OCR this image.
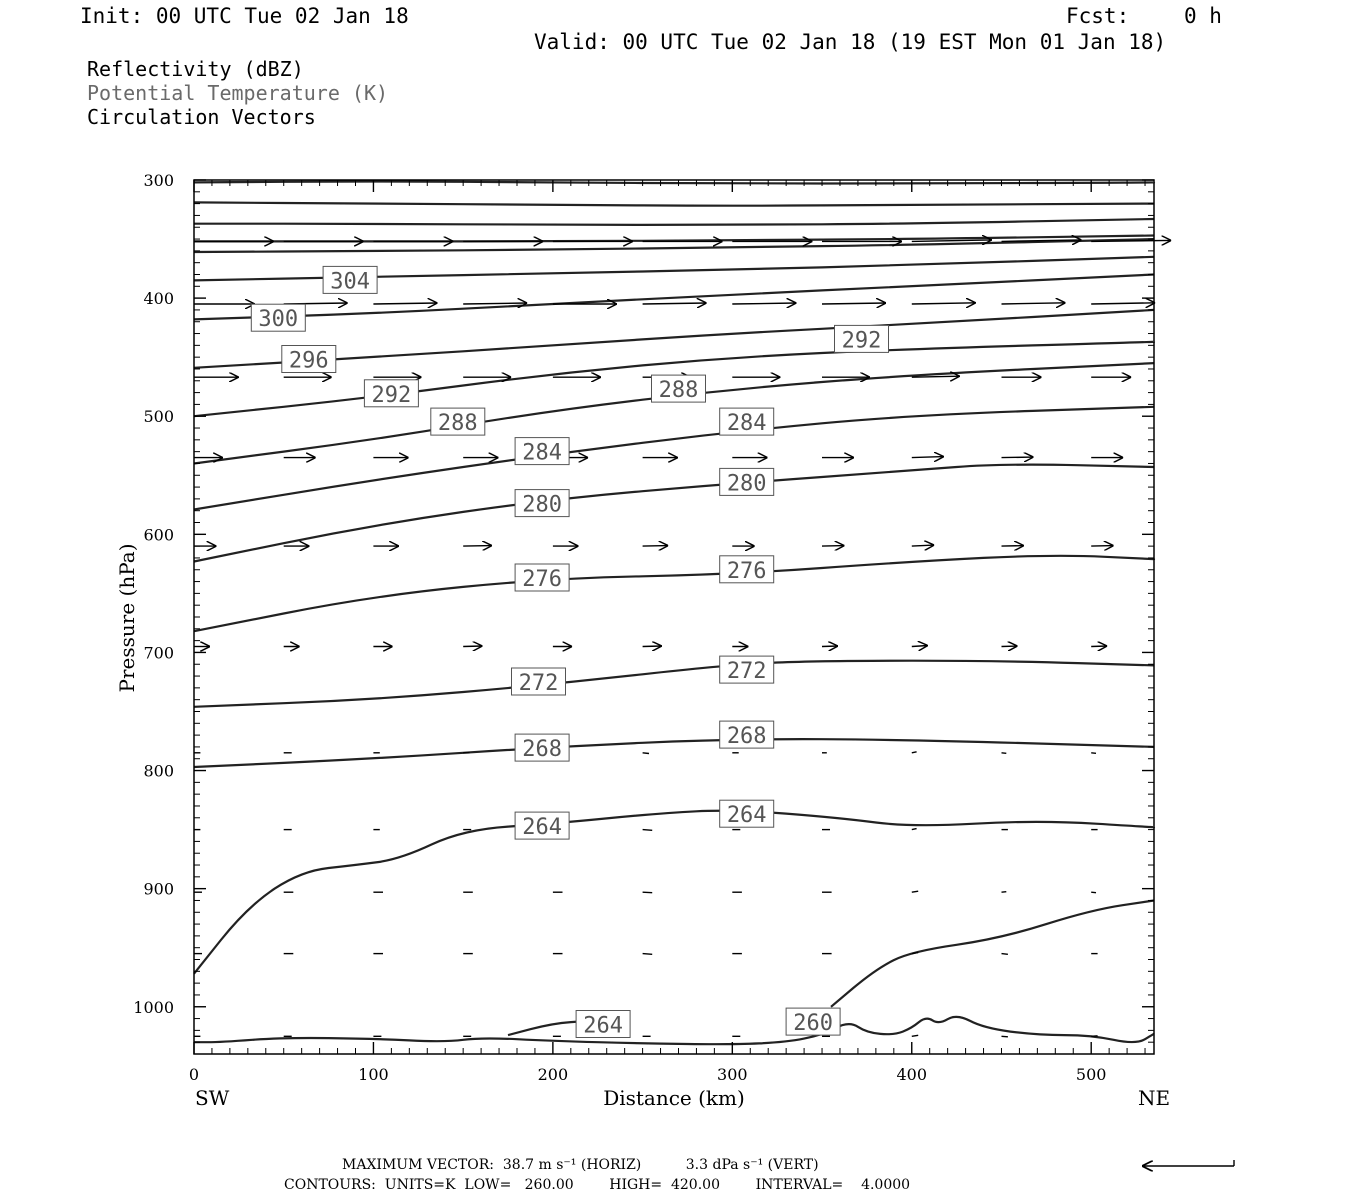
Init: 00 UTC Tue 02 Jan 18	Fcst:	0 h
Valid: 00 UTC Tue 02 Jan 18 (19 EST Mon 01 Jan 18)
Reflectivity (dBZ)
Potential Temperature (K)
Circulation Vectors
304
300
296
292
292
288
288
284
284
280
280
276	276
272	272
268
268
264	264
264	260
300
400
500
600
700
800
900
1000
0	100	200	300	400	500
Pressure (hPa)
Distance (km)
SW	NE
MAXIMUM VECTOR:  38.7 m s⁻¹ (HORIZ)          3.3 dPa s⁻¹ (VERT)
CONTOURS:  UNITS=K  LOW=   260.00        HIGH=  420.00        INTERVAL=    4.0000
